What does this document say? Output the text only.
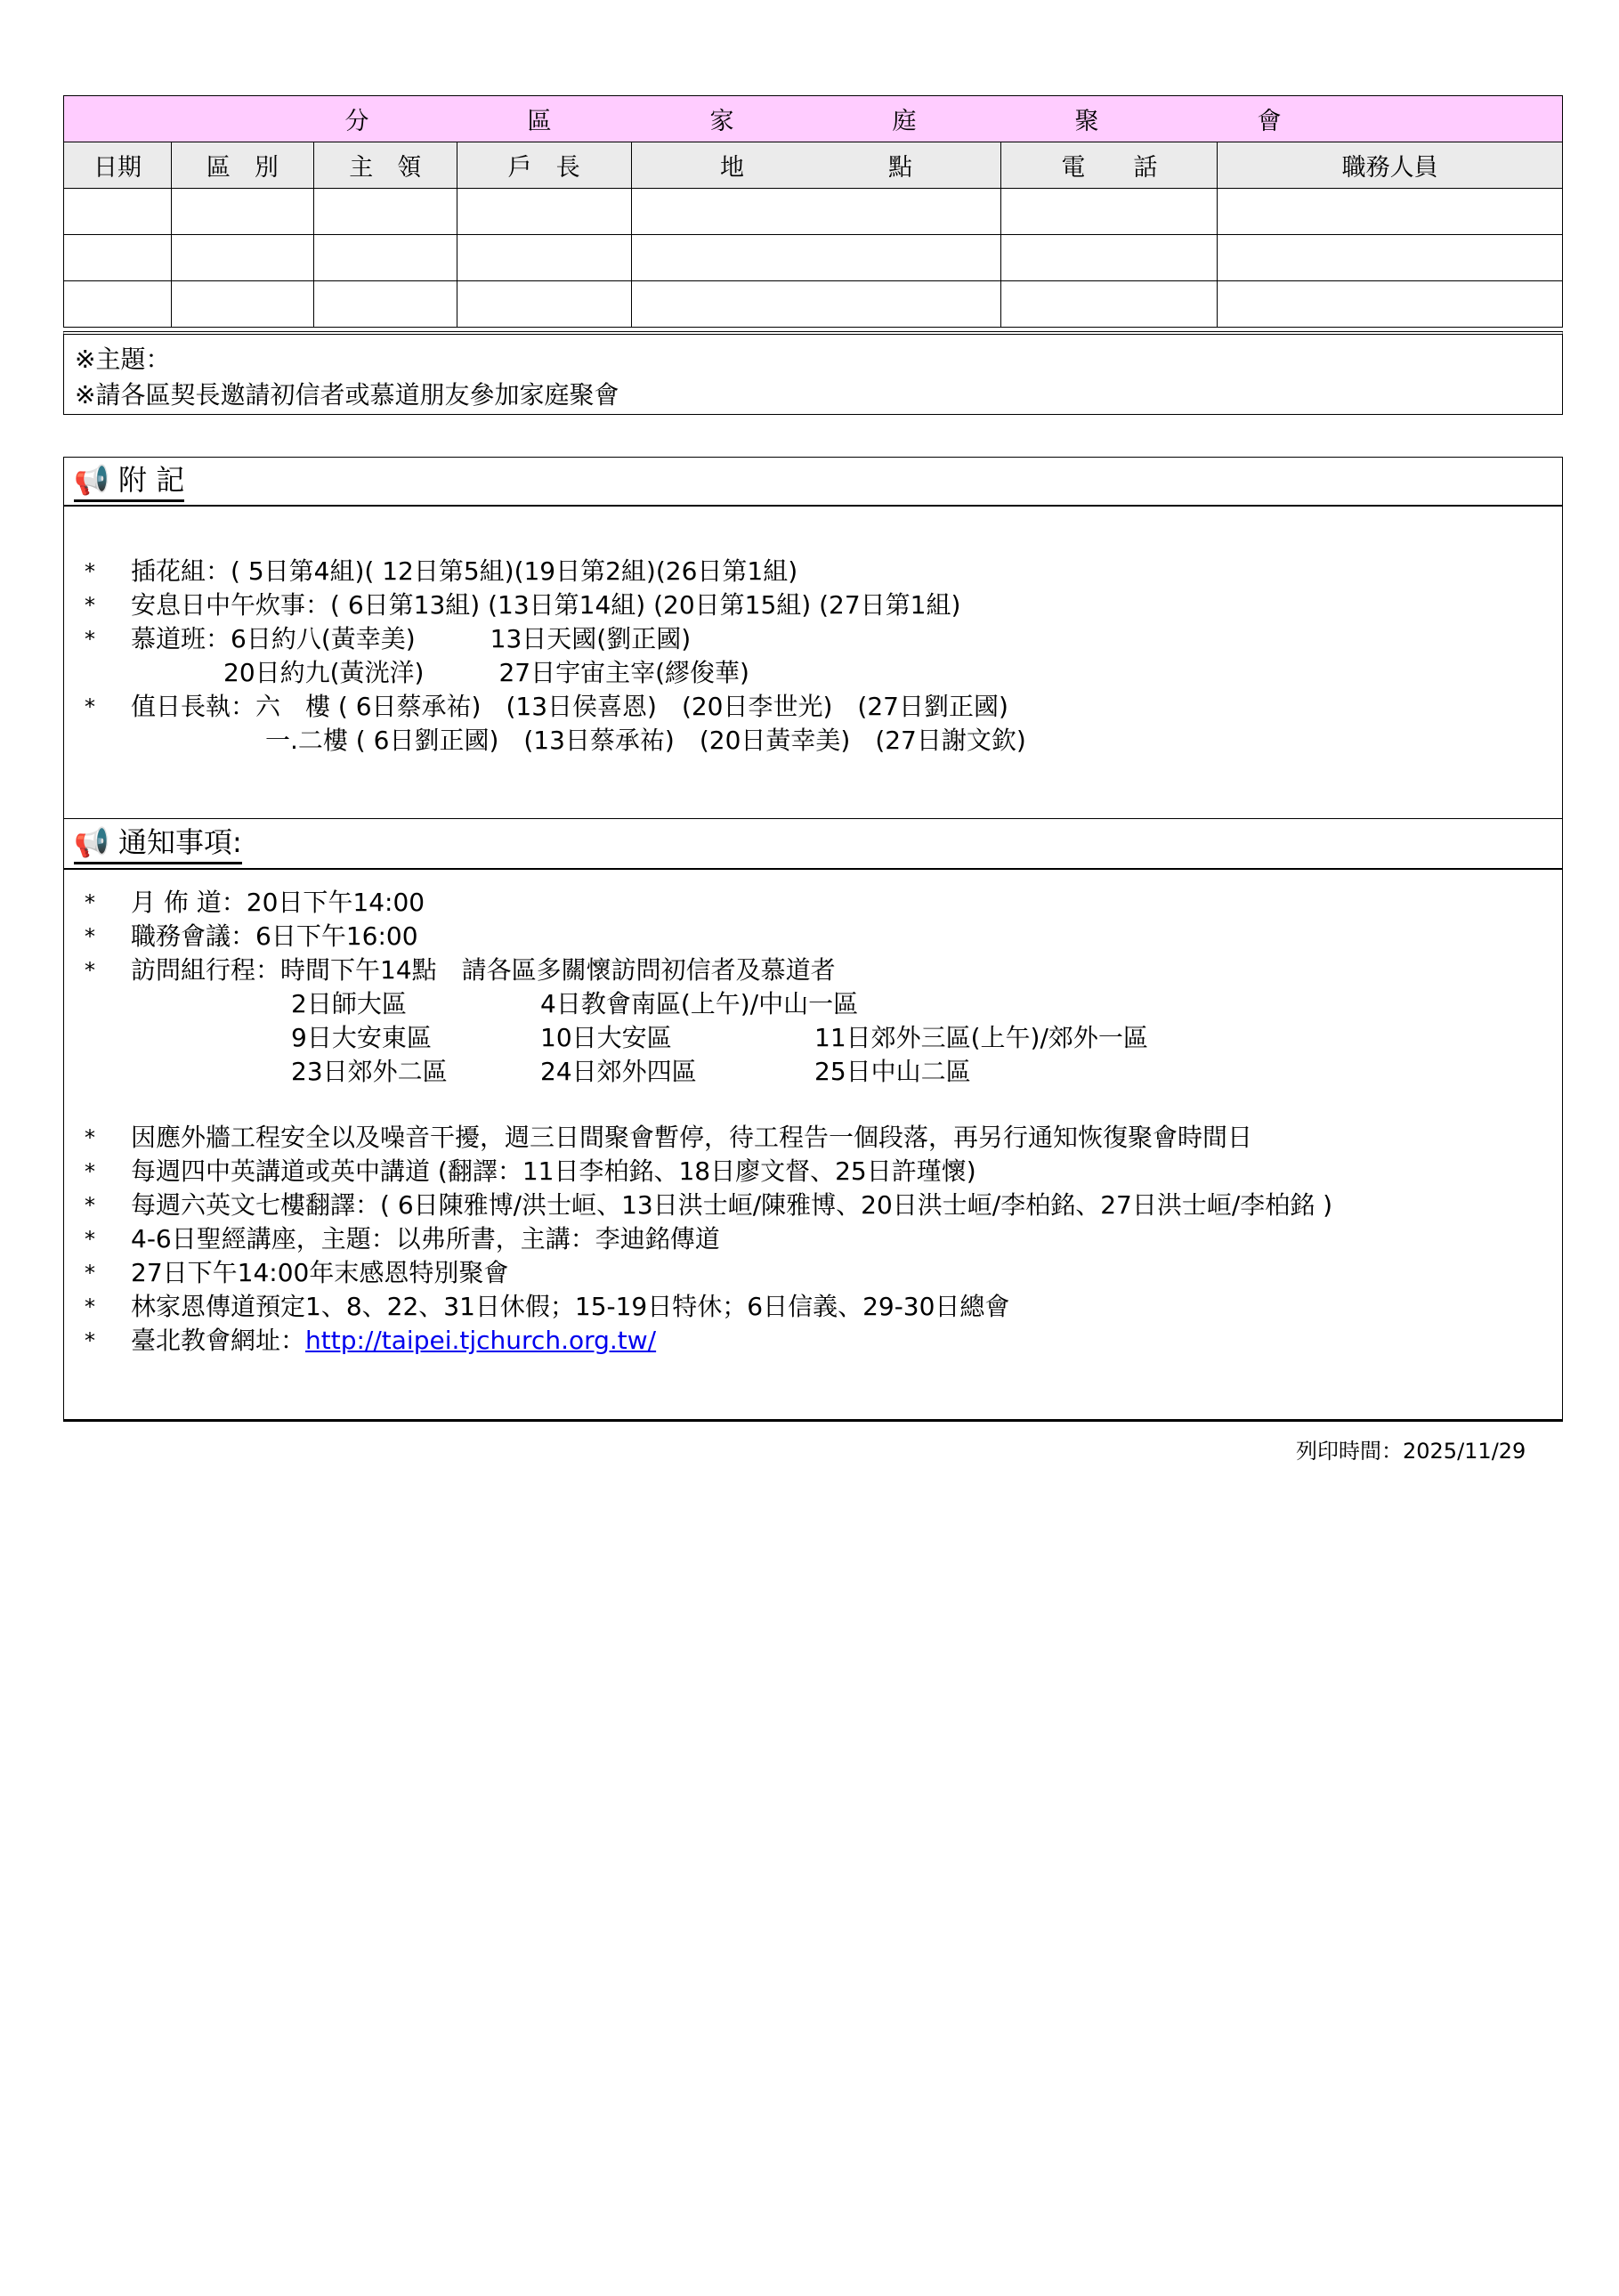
分 區 家 庭 聚 會						
日期	區　別	主　領	戶　長	地　　　　　　點	電　　話	職務人員

※主題：
※請各區契長邀請初信者或慕道朋友參加家庭聚會
📢 附 記
📢 通知事項:
* 插花組：( 5日第4組)( 12日第5組)(19日第2組)(26日第1組)
* 安息日中午炊事：( 6日第13組) (13日第14組) (20日第15組) (27日第1組)
* 慕道班：6日約八(黃幸美)　　　13日天國(劉正國)
20日約九(黃洸洋)　　　27日宇宙主宰(繆俊華)
* 值日長執：六　樓 ( 6日蔡承祐)　(13日侯喜恩)　(20日李世光)　(27日劉正國)
一.二樓 ( 6日劉正國)　(13日蔡承祐)　(20日黃幸美)　(27日謝文欽)
* 月 佈 道：20日下午14:00
* 職務會議：6日下午16:00
* 訪問組行程：時間下午14點　請各區多關懷訪問初信者及慕道者
2日師大區	4日教會南區(上午)/中山一區
9日大安東區	10日大安區	11日郊外三區(上午)/郊外一區
23日郊外二區	24日郊外四區	25日中山二區
* 因應外牆工程安全以及噪音干擾，週三日間聚會暫停，待工程告一個段落，再另行通知恢復聚會時間日
* 每週四中英講道或英中講道 (翻譯：11日李柏銘、18日廖文督、25日許瑾懷)
* 每週六英文七樓翻譯：( 6日陳雅博/洪士峘、13日洪士峘/陳雅博、20日洪士峘/李柏銘、27日洪士峘/李柏銘 )
* 4-6日聖經講座，主題：以弗所書，主講：李迪銘傳道
* 27日下午14:00年末感恩特別聚會
* 林家恩傳道預定1、8、22、31日休假；15-19日特休；6日信義、29-30日總會
* 臺北教會網址：http://taipei.tjchurch.org.tw/
列印時間：2025/11/29
